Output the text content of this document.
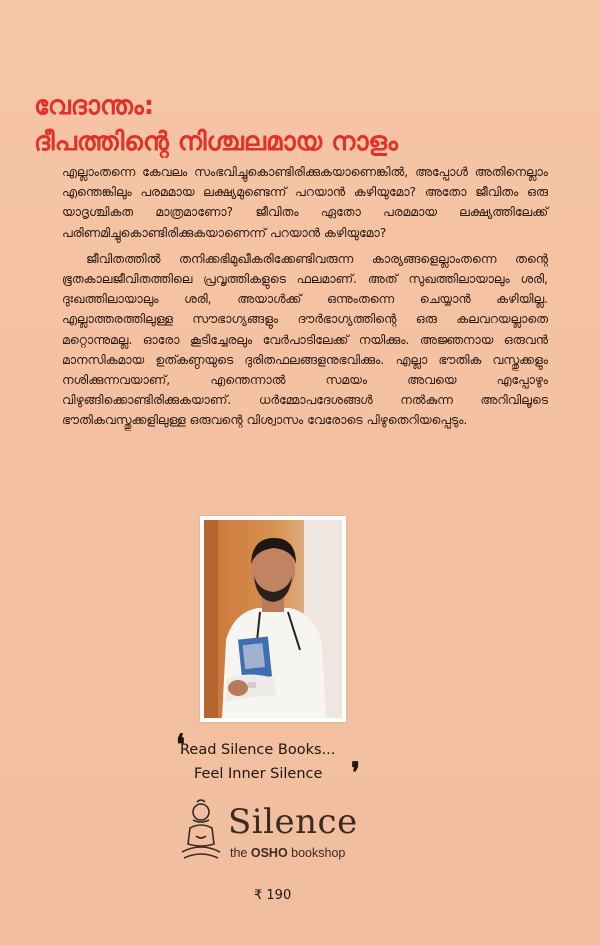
വേദാന്തം:
ദീപത്തിന്റെ നിശ്ചലമായ നാളം

എല്ലാംതന്നെ കേവലം സംഭവിച്ചുകൊണ്ടിരിക്കുകയാണെങ്കിൽ, അപ്പോൾ അതിനെല്ലാം എന്തെങ്കിലും പരമമായ ലക്ഷ്യമുണ്ടെന്ന് പറയാൻ കഴിയുമോ? അതോ ജീവിതം ഒരു യാദൃശ്ചികത മാത്രമാണോ? ജീവിതം ഏതോ പരമമായ ലക്ഷ്യത്തിലേക്ക് പരിണമിച്ചുകൊണ്ടിരിക്കുകയാണെന്ന് പറയാൻ കഴിയുമോ?

ജീവിതത്തിൽ തനിക്കഭിമുഖീകരിക്കേണ്ടിവരുന്ന കാര്യങ്ങളെല്ലാംതന്നെ തന്റെ ഭൂതകാലജീവിതത്തിലെ പ്രവൃത്തികളുടെ ഫലമാണ്. അത് സുഖത്തിലായാലും ശരി, ദുഃഖത്തിലായാലും ശരി, അയാൾക്ക് ഒന്നുംതന്നെ ചെയ്യാൻ കഴിയില്ല. എല്ലാത്തരത്തിലുള്ള സൗഭാഗ്യങ്ങളും ദൗർഭാഗ്യത്തിന്റെ ഒരു കലവറയല്ലാതെ മറ്റൊന്നുമല്ല. ഓരോ കൂടിച്ചേരലും വേർപാടിലേക്ക് നയിക്കും. അജ്ഞനായ ഒരുവൻ മാനസികമായ ഉത്കണ്ഠയുടെ ദുരിതഫലങ്ങളനുഭവിക്കും. എല്ലാ ഭൗതിക വസ്തുക്കളും നശിക്കുന്നവയാണ്, എന്തെന്നാൽ സമയം അവയെ എപ്പോഴും വിഴുങ്ങിക്കൊണ്ടിരിക്കുകയാണ്. ധർമ്മോപദേശങ്ങൾ നൽകുന്ന അറിവിലൂടെ ഭൗതികവസ്തുക്കളിലുള്ള ഒരുവന്റെ വിശ്വാസം വേരോടെ പിഴുതെറിയപ്പെടും.

❛
Read Silence Books...
Feel Inner Silence	❜
Silence
the OSHO bookshop
₹ 190
